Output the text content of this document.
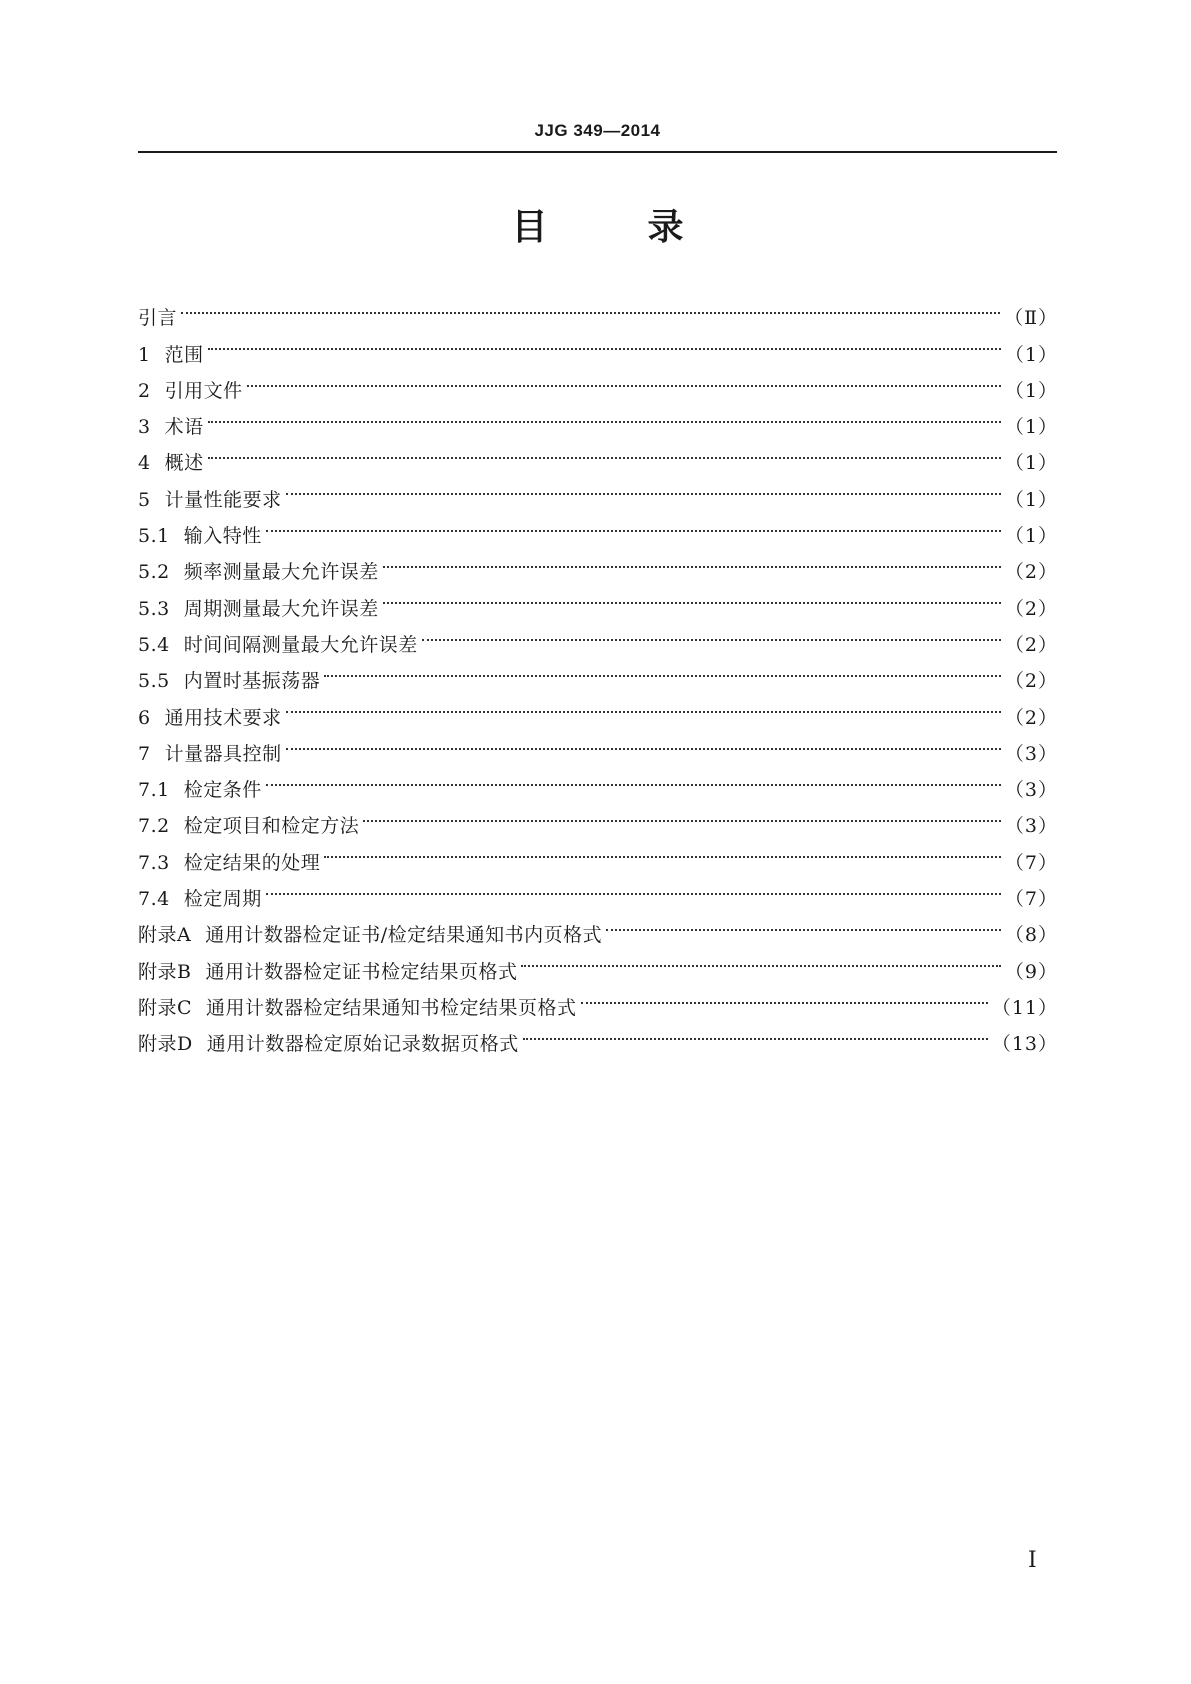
JJG 349—2014
目	录
引言	（Ⅱ）
1 范围	（1）
2 引用文件	（1）
3 术语	（1）
4 概述	（1）
5 计量性能要求	（1）
5.1 输入特性	（1）
5.2 频率测量最大允许误差	（2）
5.3 周期测量最大允许误差	（2）
5.4 时间间隔测量最大允许误差	（2）
5.5 内置时基振荡器	（2）
6 通用技术要求	（2）
7 计量器具控制	（3）
7.1 检定条件	（3）
7.2 检定项目和检定方法	（3）
7.3 检定结果的处理	（7）
7.4 检定周期	（7）
附录A 通用计数器检定证书/检定结果通知书内页格式	（8）
附录B 通用计数器检定证书检定结果页格式	（9）
附录C 通用计数器检定结果通知书检定结果页格式	（11）
附录D 通用计数器检定原始记录数据页格式	（13）
Ⅰ
